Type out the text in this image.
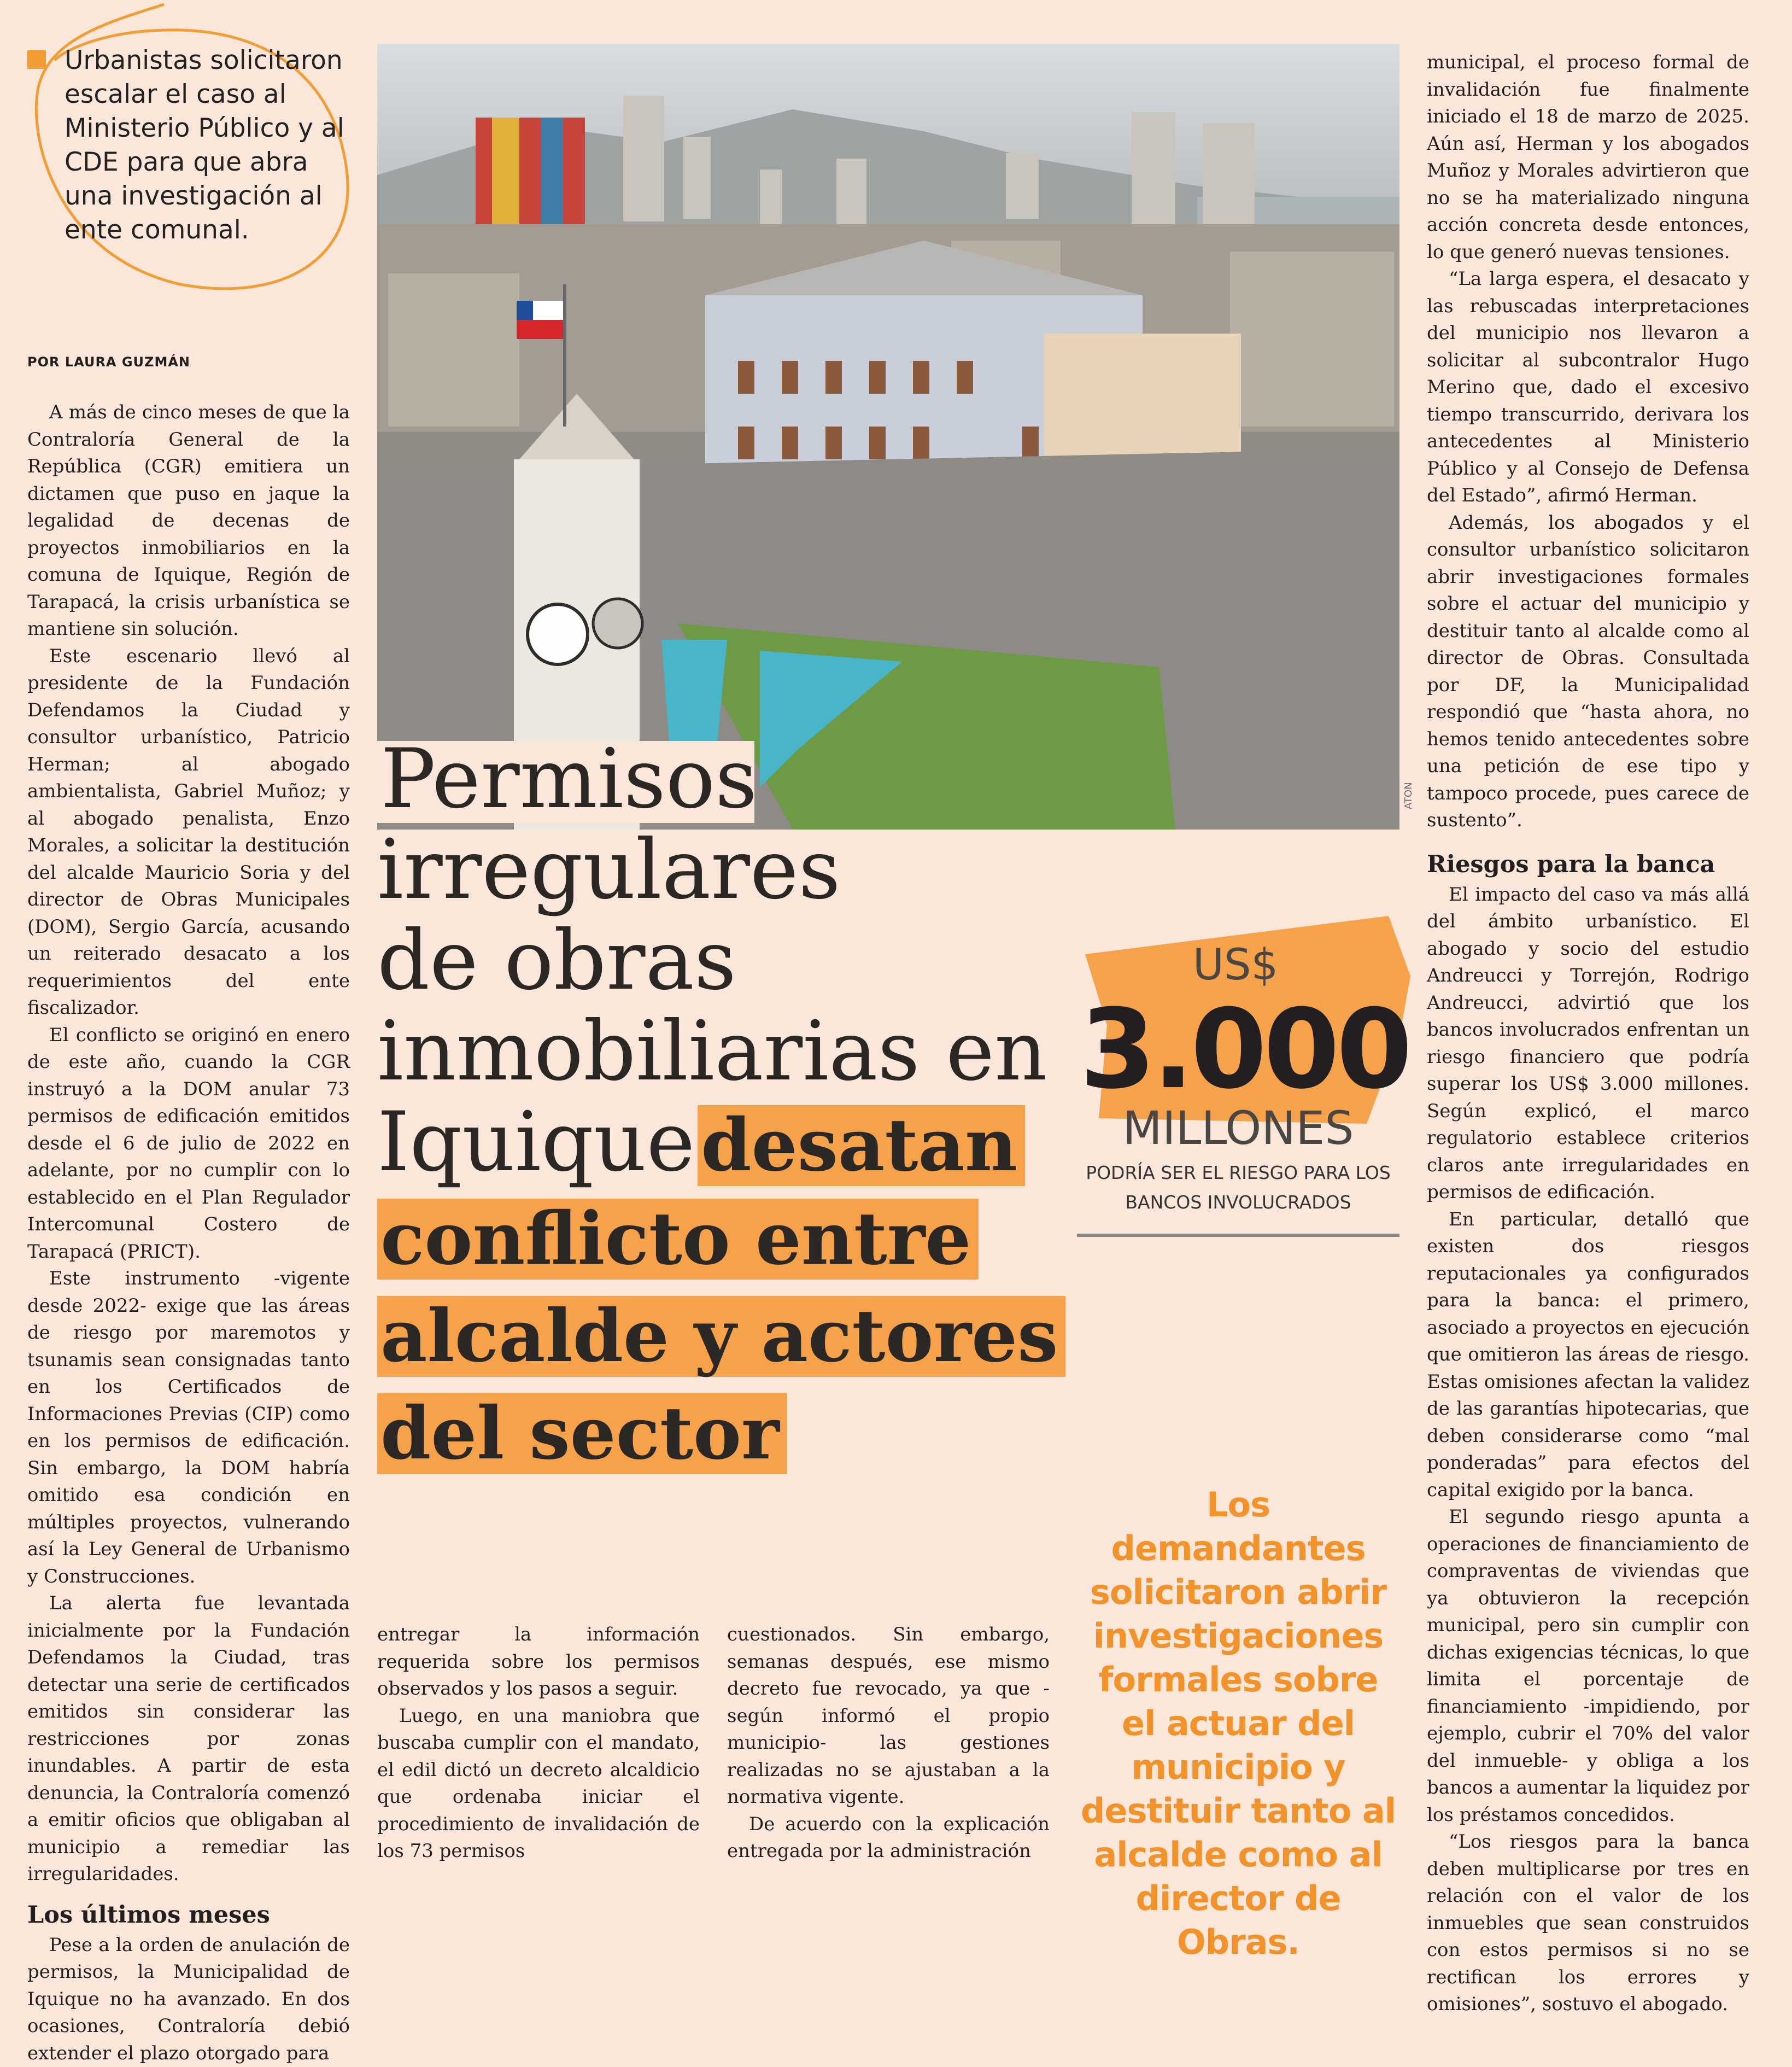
Urbanistas solicitaron escalar el caso al Ministerio Público y al CDE para que abra una investigación al ente comunal.
POR LAURA GUZMÁN
ATON
Permisos
irregulares
de obras
inmobiliarias en
Iquique desatan
conflicto entre
alcalde y actores
del sector
US$
3.000
MILLONES
PODRÍA SER EL RIESGO PARA LOS BANCOS INVOLUCRADOS
Los demandantes solicitaron abrir investigaciones formales sobre el actuar del municipio y destituir tanto al alcalde como al director de Obras.

A más de cinco meses de que la Contraloría General de la República (CGR) emitiera un dictamen que puso en jaque la legalidad de decenas de proyectos inmobiliarios en la comuna de Iquique, Región de Tarapacá, la crisis urbanística se mantiene sin solución.

Este escenario llevó al presidente de la Fundación Defendamos la Ciudad y consultor urbanístico, Patricio Herman; al abogado ambientalista, Gabriel Muñoz; y al abogado penalista, Enzo Morales, a solicitar la destitución del alcalde Mauricio Soria y del director de Obras Municipales (DOM), Sergio García, acusando un reiterado desacato a los requerimientos del ente fiscalizador.

El conflicto se originó en enero de este año, cuando la CGR instruyó a la DOM anular 73 permisos de edificación emitidos desde el 6 de julio de 2022 en adelante, por no cumplir con lo establecido en el Plan Regulador Intercomunal Costero de Tarapacá (PRICT).

Este instrumento -vigente desde 2022- exige que las áreas de riesgo por maremotos y tsunamis sean consignadas tanto en los Certificados de Informaciones Previas (CIP) como en los permisos de edificación. Sin embargo, la DOM habría omitido esa condición en múltiples proyectos, vulnerando así la Ley General de Urbanismo y Construcciones.

La alerta fue levantada inicialmente por la Fundación Defendamos la Ciudad, tras detectar una serie de certificados emitidos sin considerar las restricciones por zonas inundables. A partir de esta denuncia, la Contraloría comenzó a emitir oficios que obligaban al municipio a remediar las irregularidades.

Los últimos meses

Pese a la orden de anulación de permisos, la Municipalidad de Iquique no ha avanzado. En dos ocasiones, Contraloría debió extender el plazo otorgado para

entregar la información requerida sobre los permisos observados y los pasos a seguir.

Luego, en una maniobra que buscaba cumplir con el mandato, el edil dictó un decreto alcaldicio que ordenaba iniciar el procedimiento de invalidación de los 73 permisos

cuestionados. Sin embargo, semanas después, ese mismo decreto fue revocado, ya que -según informó el propio municipio- las gestiones realizadas no se ajustaban a la normativa vigente.

De acuerdo con la explicación entregada por la administración

municipal, el proceso formal de invalidación fue finalmente iniciado el 18 de marzo de 2025. Aún así, Herman y los abogados Muñoz y Morales advirtieron que no se ha materializado ninguna acción concreta desde entonces, lo que generó nuevas tensiones.

“La larga espera, el desacato y las rebuscadas interpretaciones del municipio nos llevaron a solicitar al subcontralor Hugo Merino que, dado el excesivo tiempo transcurrido, derivara los antecedentes al Ministerio Público y al Consejo de Defensa del Estado”, afirmó Herman.

Además, los abogados y el consultor urbanístico solicitaron abrir investigaciones formales sobre el actuar del municipio y destituir tanto al alcalde como al director de Obras. Consultada por DF, la Municipalidad respondió que “hasta ahora, no hemos tenido antecedentes sobre una petición de ese tipo y tampoco procede, pues carece de sustento”.

Riesgos para la banca

El impacto del caso va más allá del ámbito urbanístico. El abogado y socio del estudio Andreucci y Torrejón, Rodrigo Andreucci, advirtió que los bancos involucrados enfrentan un riesgo financiero que podría superar los US$ 3.000 millones. Según explicó, el marco regulatorio establece criterios claros ante irregularidades en permisos de edificación.

En particular, detalló que existen dos riesgos reputacionales ya configurados para la banca: el primero, asociado a proyectos en ejecución que omitieron las áreas de riesgo. Estas omisiones afectan la validez de las garantías hipotecarias, que deben considerarse como “mal ponderadas” para efectos del capital exigido por la banca.

El segundo riesgo apunta a operaciones de financiamiento de compraventas de viviendas que ya obtuvieron la recepción municipal, pero sin cumplir con dichas exigencias técnicas, lo que limita el porcentaje de financiamiento -impidiendo, por ejemplo, cubrir el 70% del valor del inmueble- y obliga a los bancos a aumentar la liquidez por los préstamos concedidos.

“Los riesgos para la banca deben multiplicarse por tres en relación con el valor de los inmuebles que sean construidos con estos permisos si no se rectifican los errores y omisiones”, sostuvo el abogado.
